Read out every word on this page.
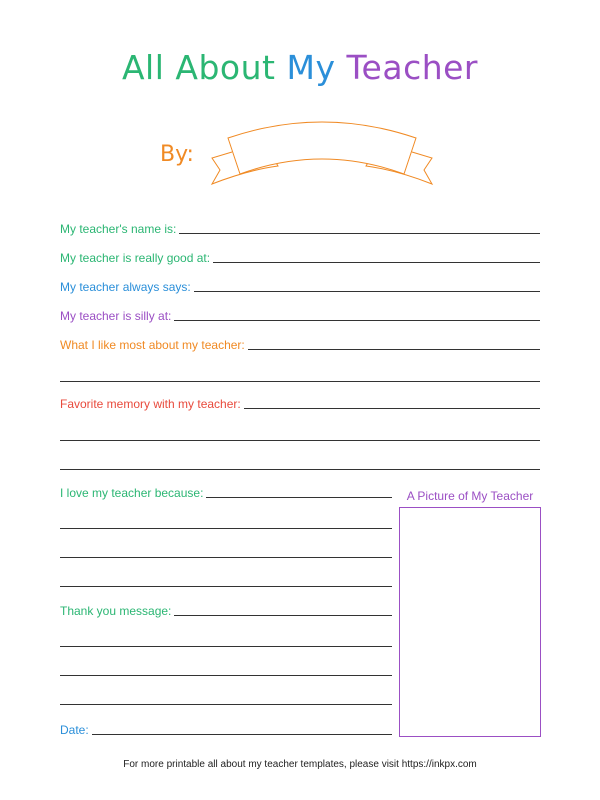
All About My Teacher
By:
My teacher's name is:
My teacher is really good at:
My teacher always says:
My teacher is silly at:
What I like most about my teacher:
Favorite memory with my teacher:
I love my teacher because:
Thank you message:
Date:
A Picture of My Teacher
For more printable all about my teacher templates, please visit https://inkpx.com
